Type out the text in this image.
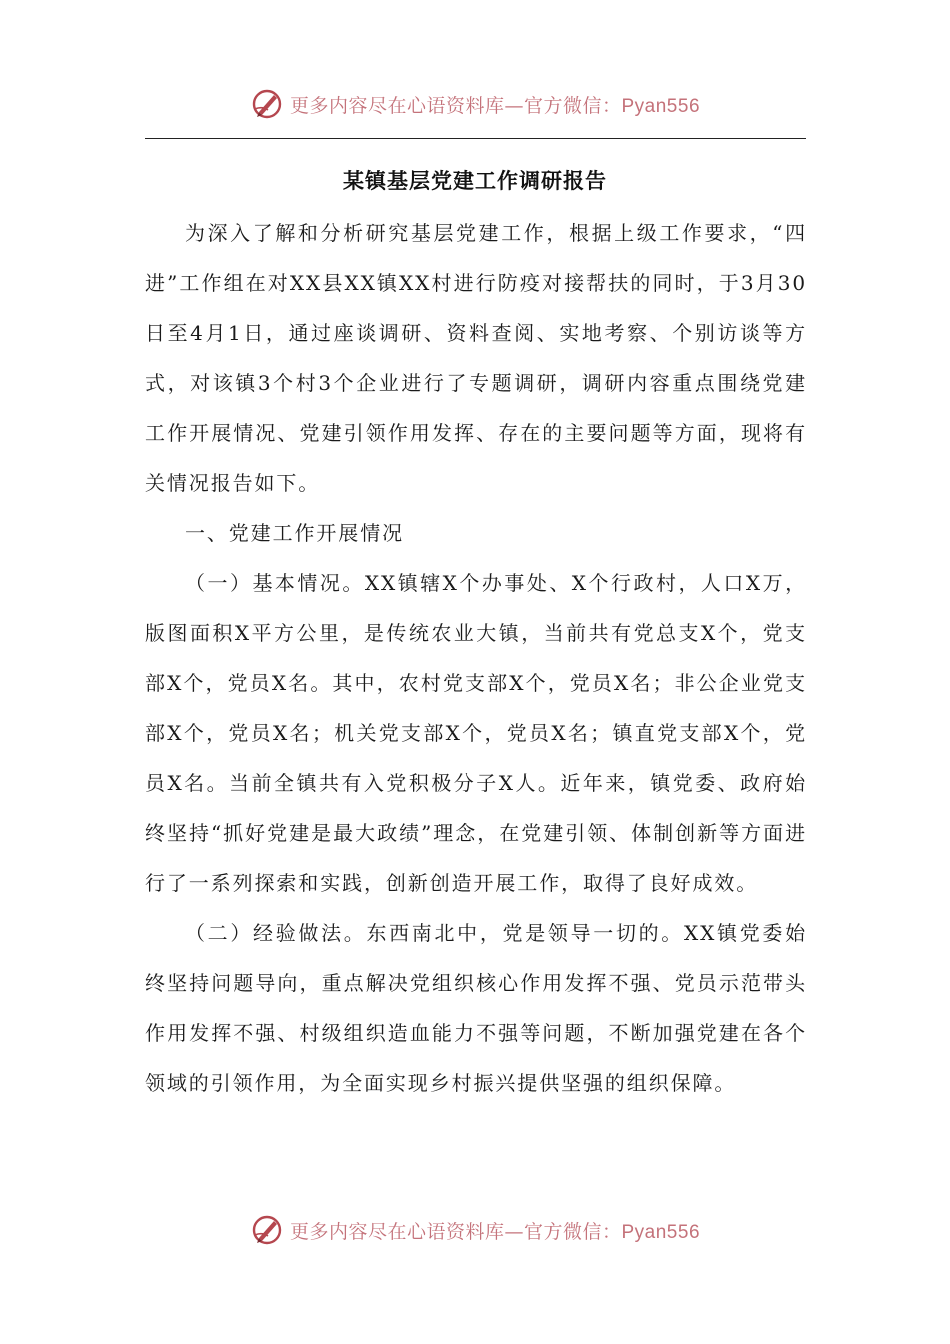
更多内容尽在心语资料库—官方微信：Pyan556
某镇基层党建工作调研报告

为深入了解和分析研究基层党建工作，根据上级工作要求，“四进”工作组在对XX县XX镇XX村进行防疫对接帮扶的同时，于3月30日至4月1日，通过座谈调研、资料查阅、实地考察、个别访谈等方式，对该镇3个村3个企业进行了专题调研，调研内容重点围绕党建工作开展情况、党建引领作用发挥、存在的主要问题等方面，现将有关情况报告如下。

一、党建工作开展情况

（一）基本情况。XX镇辖X个办事处、X个行政村，人口X万，版图面积X平方公里，是传统农业大镇，当前共有党总支X个，党支部X个，党员X名。其中，农村党支部X个，党员X名；非公企业党支部X个，党员X名；机关党支部X个，党员X名；镇直党支部X个，党员X名。当前全镇共有入党积极分子X人。近年来，镇党委、政府始终坚持“抓好党建是最大政绩”理念，在党建引领、体制创新等方面进行了一系列探索和实践，创新创造开展工作，取得了良好成效。

（二）经验做法。东西南北中，党是领导一切的。XX镇党委始终坚持问题导向，重点解决党组织核心作用发挥不强、党员示范带头作用发挥不强、村级组织造血能力不强等问题，不断加强党建在各个领域的引领作用，为全面实现乡村振兴提供坚强的组织保障。

更多内容尽在心语资料库—官方微信：Pyan556
